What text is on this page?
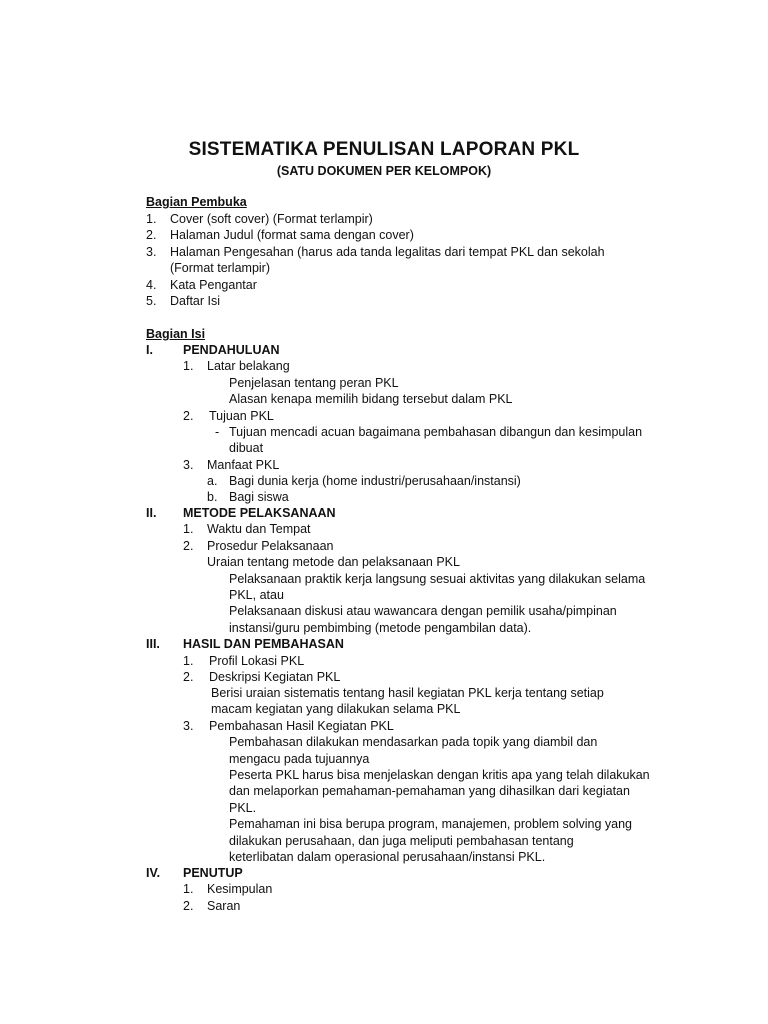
SISTEMATIKA PENULISAN LAPORAN PKL
(SATU DOKUMEN PER KELOMPOK)
Bagian Pembuka
1. Cover (soft cover) (Format terlampir)
2. Halaman Judul (format sama dengan cover)
3. Halaman Pengesahan (harus ada tanda legalitas dari tempat PKL dan sekolah
(Format terlampir)
4. Kata Pengantar
5. Daftar Isi
Bagian Isi
I. PENDAHULUAN
1. Latar belakang
Penjelasan tentang peran PKL
Alasan kenapa memilih bidang tersebut dalam PKL
2. Tujuan PKL
- Tujuan mencadi acuan bagaimana pembahasan dibangun dan kesimpulan
dibuat
3. Manfaat PKL
a. Bagi dunia kerja (home industri/perusahaan/instansi)
b. Bagi siswa
II. METODE PELAKSANAAN
1. Waktu dan Tempat
2. Prosedur Pelaksanaan
Uraian tentang metode dan pelaksanaan PKL
Pelaksanaan praktik kerja langsung sesuai aktivitas yang dilakukan selama
PKL, atau
Pelaksanaan diskusi atau wawancara dengan pemilik usaha/pimpinan
instansi/guru pembimbing (metode pengambilan data).
III. HASIL DAN PEMBAHASAN
1. Profil Lokasi PKL
2. Deskripsi Kegiatan PKL
Berisi uraian sistematis tentang hasil kegiatan PKL kerja tentang setiap
macam kegiatan yang dilakukan selama PKL
3. Pembahasan Hasil Kegiatan PKL
Pembahasan dilakukan mendasarkan pada topik yang diambil dan
mengacu pada tujuannya
Peserta PKL harus bisa menjelaskan dengan kritis apa yang telah dilakukan
dan melaporkan pemahaman-pemahaman yang dihasilkan dari kegiatan
PKL.
Pemahaman ini bisa berupa program, manajemen, problem solving yang
dilakukan perusahaan, dan juga meliputi pembahasan tentang
keterlibatan dalam operasional perusahaan/instansi PKL.
IV. PENUTUP
1. Kesimpulan
2. Saran
